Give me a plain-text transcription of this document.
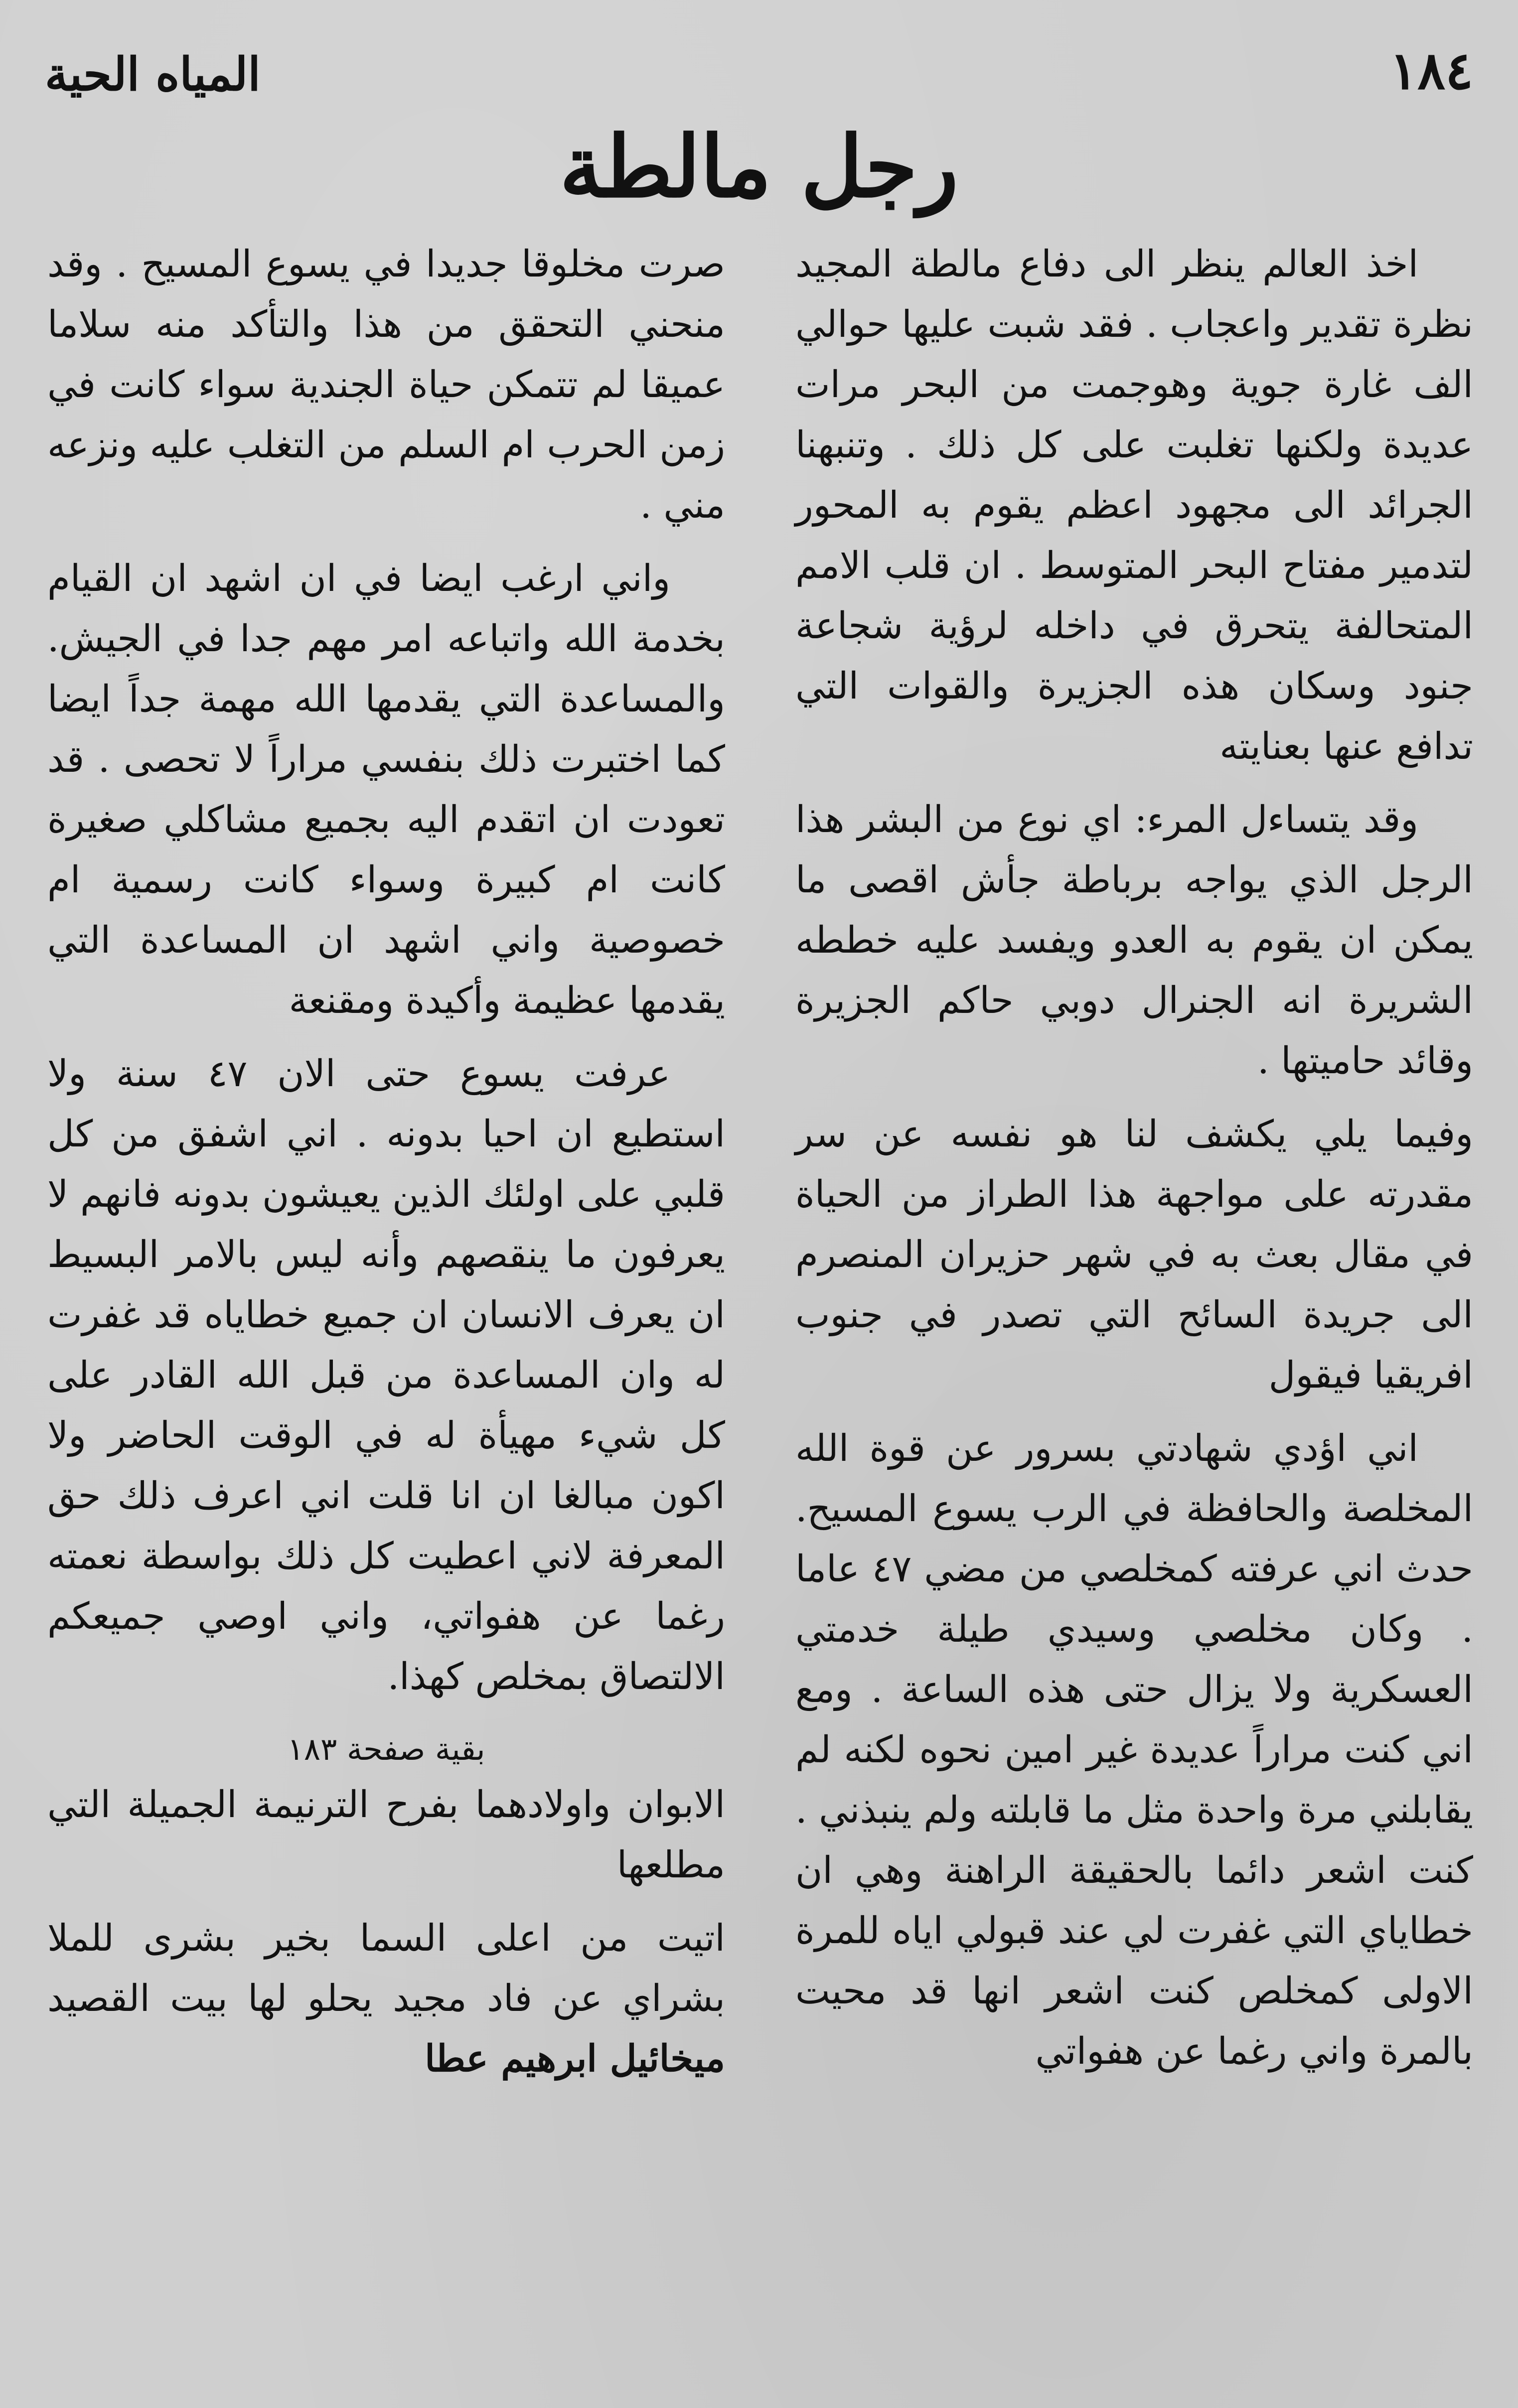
١٨٤
المياه الحية
رجل مالطة

اخذ العالم ينظر الى دفاع مالطة المجيد نظرة تقدير واعجاب . فقد شبت عليها حوالي الف غارة جوية وهوجمت من البحر مرات عديدة ولكنها تغلبت على كل ذلك . وتنبهنا الجرائد الى مجهود اعظم يقوم به المحور لتدمير مفتاح البحر المتوسط . ان قلب الامم المتحالفة يتحرق في داخله لرؤية شجاعة جنود وسكان هذه الجزيرة والقوات التي تدافع عنها بعنايته

وقد يتساءل المرء: اي نوع من البشر هذا الرجل الذي يواجه برباطة جأش اقصى ما يمكن ان يقوم به العدو ويفسد عليه خططه الشريرة انه الجنرال دوبي حاكم الجزيرة وقائد حاميتها .

وفيما يلي يكشف لنا هو نفسه عن سر مقدرته على مواجهة هذا الطراز من الحياة في مقال بعث به في شهر حزيران المنصرم الى جريدة السائح التي تصدر في جنوب افريقيا فيقول

اني اؤدي شهادتي بسرور عن قوة الله المخلصة والحافظة في الرب يسوع المسيح. حدث اني عرفته كمخلصي من مضي ٤٧ عاما . وكان مخلصي وسيدي طيلة خدمتي العسكرية ولا يزال حتى هذه الساعة . ومع اني كنت مراراً عديدة غير امين نحوه لكنه لم يقابلني مرة واحدة مثل ما قابلته ولم ينبذني . كنت اشعر دائما بالحقيقة الراهنة وهي ان خطاياي التي غفرت لي عند قبولي اياه للمرة الاولى كمخلص كنت اشعر انها قد محيت بالمرة واني رغما عن هفواتي

صرت مخلوقا جديدا في يسوع المسيح . وقد منحني التحقق من هذا والتأكد منه سلاما عميقا لم تتمكن حياة الجندية سواء كانت في زمن الحرب ام السلم من التغلب عليه ونزعه مني .

واني ارغب ايضا في ان اشهد ان القيام بخدمة الله واتباعه امر مهم جدا في الجيش. والمساعدة التي يقدمها الله مهمة جداً ايضا كما اختبرت ذلك بنفسي مراراً لا تحصى . قد تعودت ان اتقدم اليه بجميع مشاكلي صغيرة كانت ام كبيرة وسواء كانت رسمية ام خصوصية واني اشهد ان المساعدة التي يقدمها عظيمة وأكيدة ومقنعة

عرفت يسوع حتى الان ٤٧ سنة ولا استطيع ان احيا بدونه . اني اشفق من كل قلبي على اولئك الذين يعيشون بدونه فانهم لا يعرفون ما ينقصهم وأنه ليس بالامر البسيط ان يعرف الانسان ان جميع خطاياه قد غفرت له وان المساعدة من قبل الله القادر على كل شيء مهيأة له في الوقت الحاضر ولا اكون مبالغا ان انا قلت اني اعرف ذلك حق المعرفة لاني اعطيت كل ذلك بواسطة نعمته رغما عن هفواتي، واني اوصي جميعكم الالتصاق بمخلص كهذا.

بقية صفحة ١٨٣

الابوان واولادهما بفرح الترنيمة الجميلة التي مطلعها

اتيت من اعلى السما بخير بشرى للملا

بشراي عن فاد مجيد يحلو لها بيت القصيد

ميخائيل ابرهيم عطا
